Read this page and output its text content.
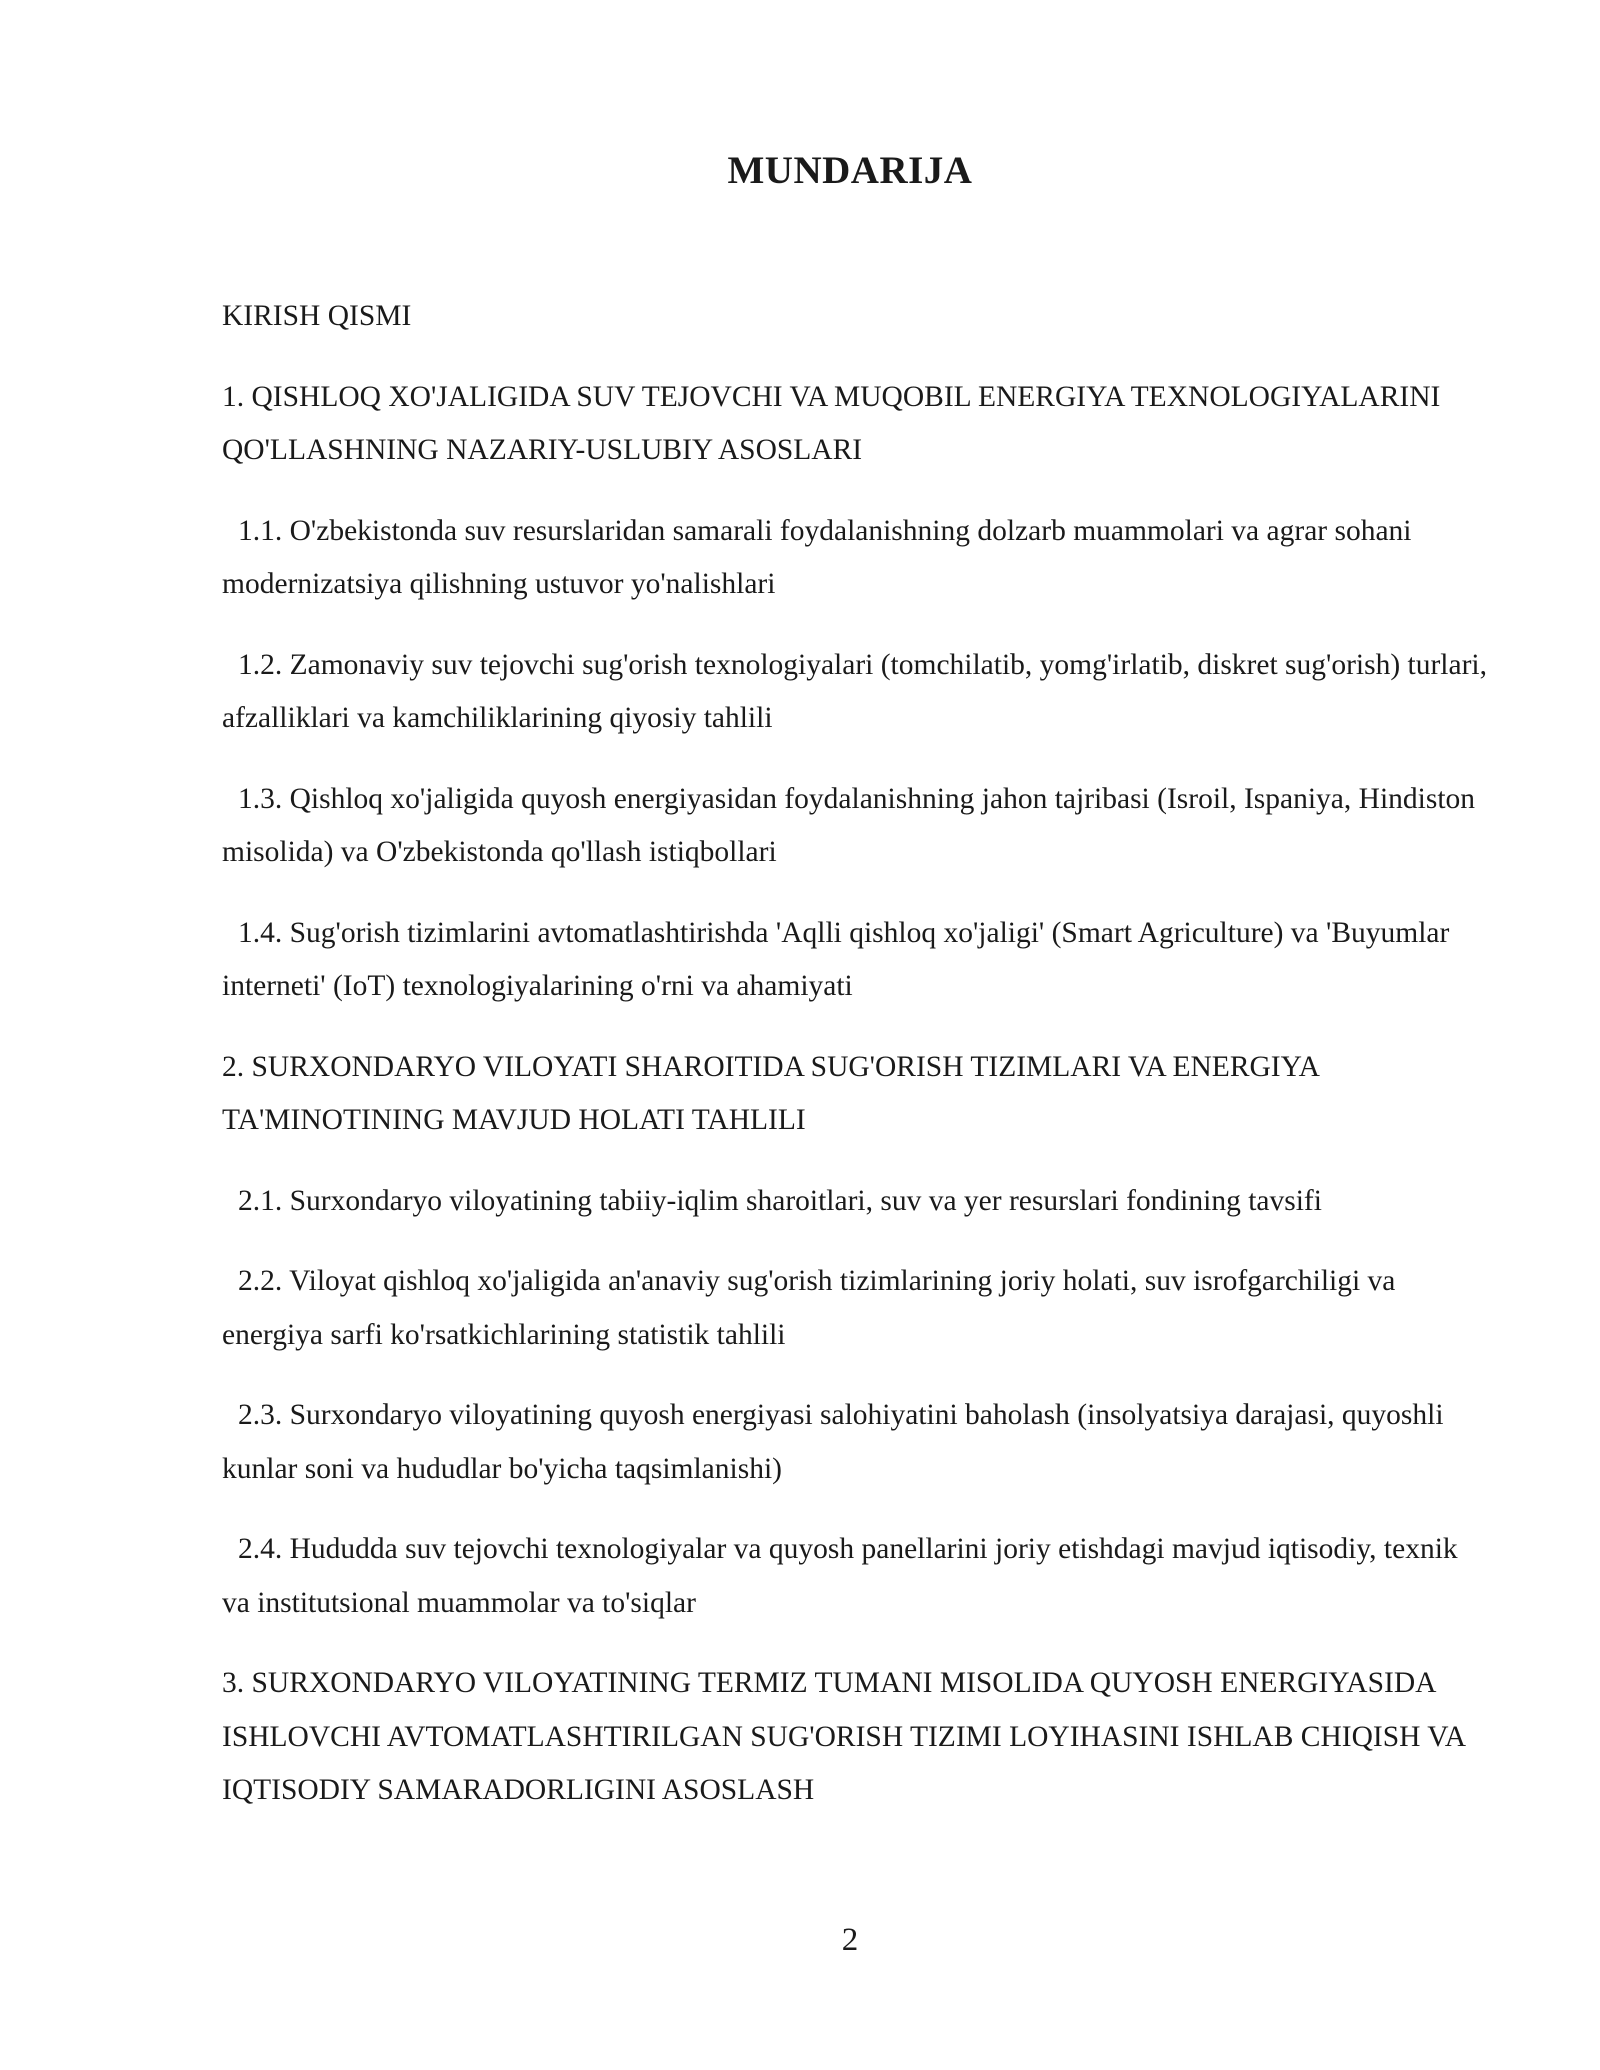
MUNDARIJA
KIRISH QISMI
1. QISHLOQ XO'JALIGIDA SUV TEJOVCHI VA MUQOBIL ENERGIYA TEXNOLOGIYALARINI QO'LLASHNING NAZARIY-USLUBIY ASOSLARI
1.1. O'zbekistonda suv resurslaridan samarali foydalanishning dolzarb muammolari va agrar sohani modernizatsiya qilishning ustuvor yo'nalishlari
1.2. Zamonaviy suv tejovchi sug'orish texnologiyalari (tomchilatib, yomg'irlatib, diskret sug'orish) turlari, afzalliklari va kamchiliklarining qiyosiy tahlili
1.3. Qishloq xo'jaligida quyosh energiyasidan foydalanishning jahon tajribasi (Isroil, Ispaniya, Hindiston misolida) va O'zbekistonda qo'llash istiqbollari
1.4. Sug'orish tizimlarini avtomatlashtirishda 'Aqlli qishloq xo'jaligi' (Smart Agriculture) va 'Buyumlar interneti' (IoT) texnologiyalarining o'rni va ahamiyati
2. SURXONDARYO VILOYATI SHAROITIDA SUG'ORISH TIZIMLARI VA ENERGIYA TA'MINOTINING MAVJUD HOLATI TAHLILI
2.1. Surxondaryo viloyatining tabiiy-iqlim sharoitlari, suv va yer resurslari fondining tavsifi
2.2. Viloyat qishloq xo'jaligida an'anaviy sug'orish tizimlarining joriy holati, suv isrofgarchiligi va energiya sarfi ko'rsatkichlarining statistik tahlili
2.3. Surxondaryo viloyatining quyosh energiyasi salohiyatini baholash (insolyatsiya darajasi, quyoshli kunlar soni va hududlar bo'yicha taqsimlanishi)
2.4. Hududda suv tejovchi texnologiyalar va quyosh panellarini joriy etishdagi mavjud iqtisodiy, texnik va institutsional muammolar va to'siqlar
3. SURXONDARYO VILOYATINING TERMIZ TUMANI MISOLIDA QUYOSH ENERGIYASIDA ISHLOVCHI AVTOMATLASHTIRILGAN SUG'ORISH TIZIMI LOYIHASINI ISHLAB CHIQISH VA IQTISODIY SAMARADORLIGINI ASOSLASH
2
